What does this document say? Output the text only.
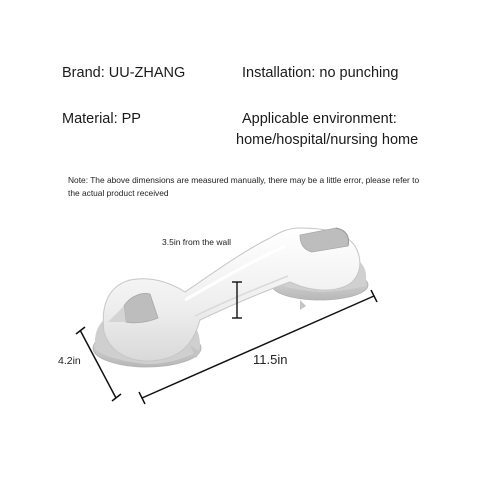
Brand: UU-ZHANG	Installation: no punching
Material: PP	Applicable environment:
home/hospital/nursing home
Note: The above dimensions are measured manually, there may be a little error, please refer to the actual product received
3.5in from the wall
4.2in	11.5in
